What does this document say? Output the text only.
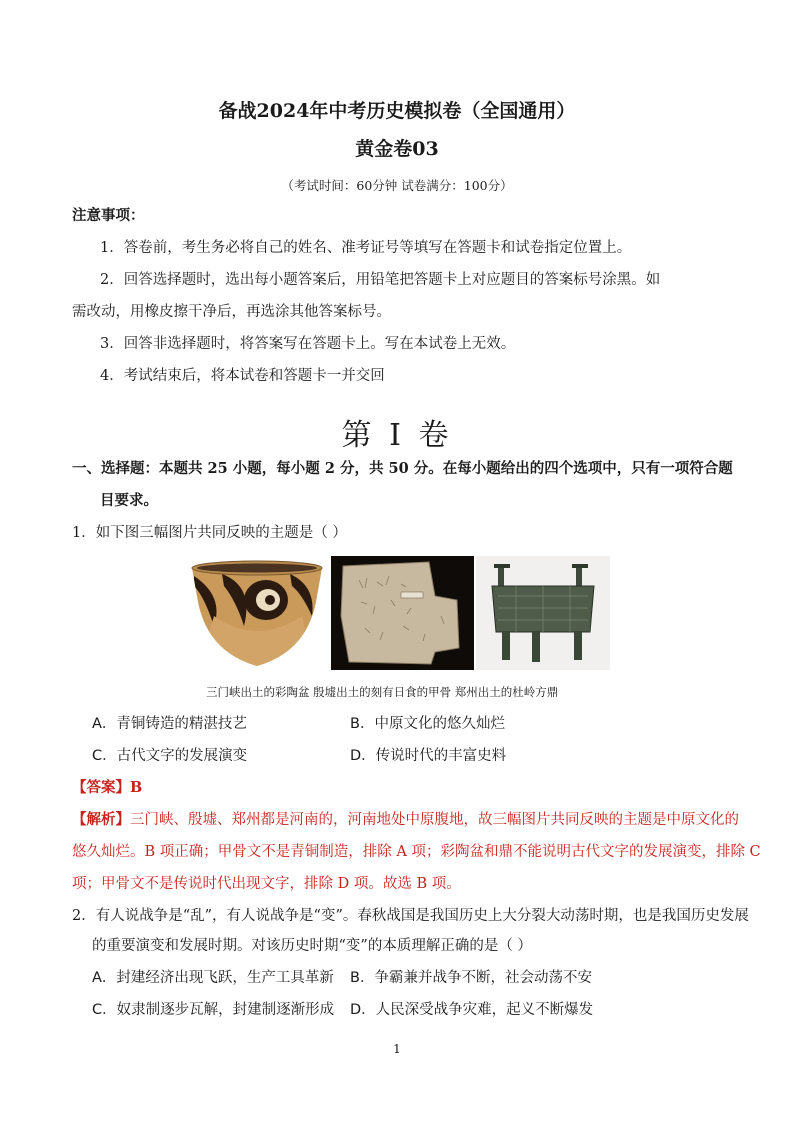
备战2024年中考历史模拟卷（全国通用）
黄金卷03
（考试时间：60分钟 试卷满分：100分）
注意事项：
1．答卷前，考生务必将自己的姓名、准考证号等填写在答题卡和试卷指定位置上。
2．回答选择题时，选出每小题答案后，用铅笔把答题卡上对应题目的答案标号涂黑。如
需改动，用橡皮擦干净后，再选涂其他答案标号。
3．回答非选择题时，将答案写在答题卡上。写在本试卷上无效。
4．考试结束后，将本试卷和答题卡一并交回
第 I 卷
一、选择题：本题共 25 小题，每小题 2 分，共 50 分。在每小题给出的四个选项中，只有一项符合题
目要求。
1．如下图三幅图片共同反映的主题是（ ）
三门峡出土的彩陶盆 殷墟出土的刻有日食的甲骨 郑州出土的杜岭方鼎
A．青铜铸造的精湛技艺	B．中原文化的悠久灿烂
C．古代文字的发展演变	D．传说时代的丰富史料
【答案】B
【解析】三门峡、殷墟、郑州都是河南的，河南地处中原腹地，故三幅图片共同反映的主题是中原文化的
悠久灿烂。B 项正确；甲骨文不是青铜制造，排除 A 项；彩陶盆和鼎不能说明古代文字的发展演变，排除 C
项；甲骨文不是传说时代出现文字，排除 D 项。故选 B 项。
2．有人说战争是“乱”，有人说战争是“变”。春秋战国是我国历史上大分裂大动荡时期，也是我国历史发展
的重要演变和发展时期。对该历史时期“变”的本质理解正确的是（ ）
A．封建经济出现飞跃，生产工具革新 B．争霸兼并战争不断，社会动荡不安
C．奴隶制逐步瓦解，封建制逐渐形成 D．人民深受战争灾难，起义不断爆发
1
